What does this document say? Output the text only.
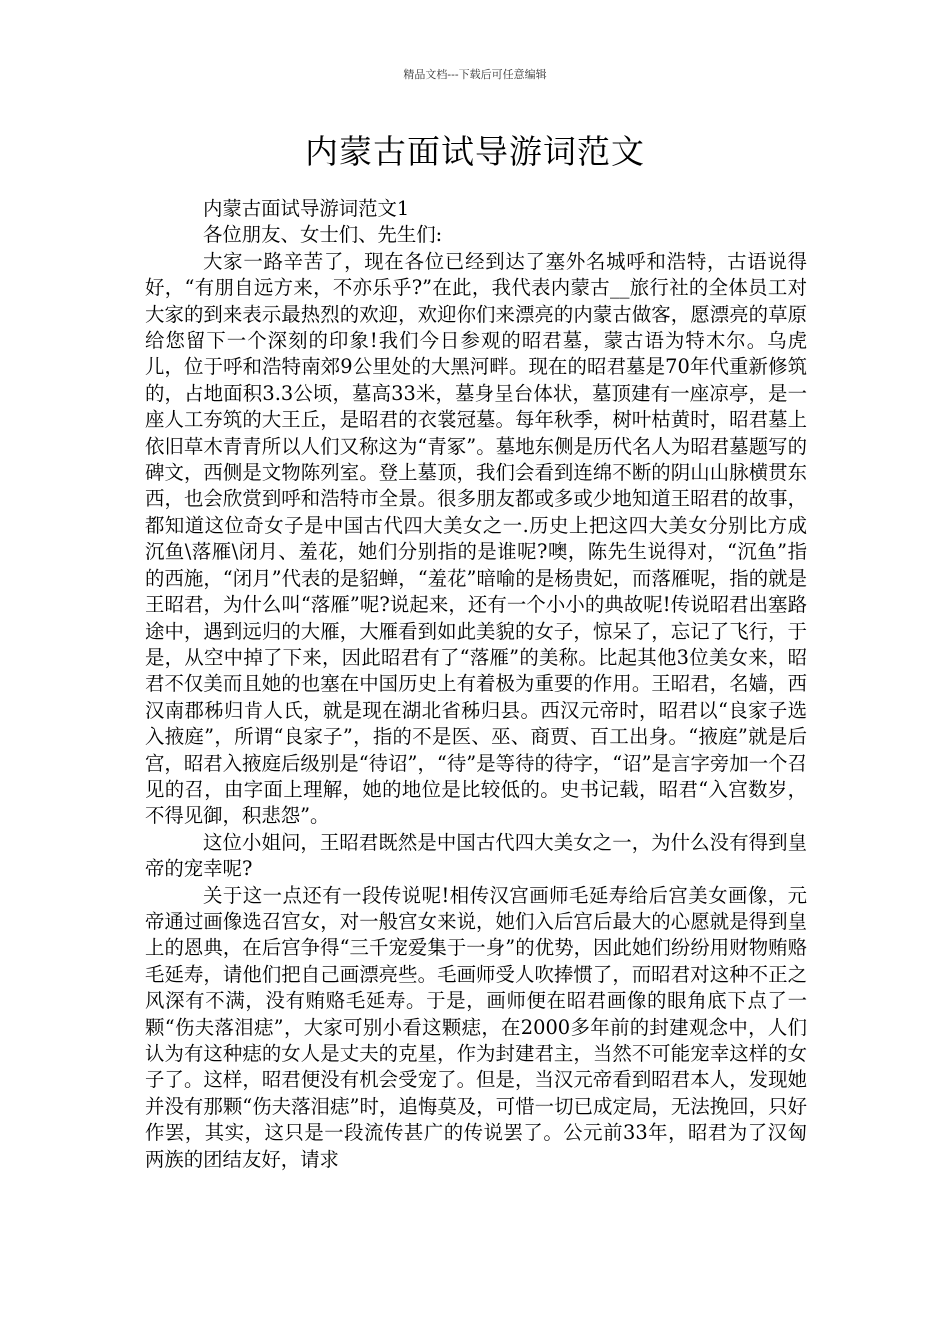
精品文档---下载后可任意编辑
内蒙古面试导游词范文

内蒙古面试导游词范文1

各位朋友、女士们、先生们:

大家一路辛苦了，现在各位已经到达了塞外名城呼和浩特，古语说得好，“有朋自远方来，不亦乐乎?”在此，我代表内蒙古__旅行社的全体员工对大家的到来表示最热烈的欢迎，欢迎你们来漂亮的内蒙古做客，愿漂亮的草原给您留下一个深刻的印象!我们今日参观的昭君墓，蒙古语为特木尔。乌虎儿，位于呼和浩特南郊9公里处的大黑河畔。现在的昭君墓是70年代重新修筑的，占地面积3.3公顷，墓高33米，墓身呈台体状，墓顶建有一座凉亭，是一座人工夯筑的大王丘，是昭君的衣裳冠墓。每年秋季，树叶枯黄时，昭君墓上依旧草木青青所以人们又称这为“青冢”。墓地东侧是历代名人为昭君墓题写的碑文，西侧是文物陈列室。登上墓顶，我们会看到连绵不断的阴山山脉横贯东西，也会欣赏到呼和浩特市全景。很多朋友都或多或少地知道王昭君的故事，都知道这位奇女子是中国古代四大美女之一.历史上把这四大美女分别比方成沉鱼\落雁\闭月、羞花，她们分别指的是谁呢?噢，陈先生说得对，“沉鱼”指的西施，“闭月”代表的是貂蝉，“羞花”暗喻的是杨贵妃，而落雁呢，指的就是王昭君，为什么叫“落雁”呢?说起来，还有一个小小的典故呢!传说昭君出塞路途中，遇到远归的大雁，大雁看到如此美貌的女子，惊呆了，忘记了飞行，于是，从空中掉了下来，因此昭君有了“落雁”的美称。比起其他3位美女来，昭君不仅美而且她的也塞在中国历史上有着极为重要的作用。王昭君，名嫱，西汉南郡秭归肯人氏，就是现在湖北省秭归县。西汉元帝时，昭君以“良家子选入掖庭”，所谓“良家子”，指的不是医、巫、商贾、百工出身。“掖庭”就是后宫，昭君入掖庭后级别是“待诏”，“待”是等待的待字，“诏”是言字旁加一个召见的召，由字面上理解，她的地位是比较低的。史书记载，昭君“入宫数岁，不得见御，积悲怨”。

这位小姐问，王昭君既然是中国古代四大美女之一，为什么没有得到皇帝的宠幸呢?

关于这一点还有一段传说呢!相传汉宫画师毛延寿给后宫美女画像，元帝通过画像选召宫女，对一般宫女来说，她们入后宫后最大的心愿就是得到皇上的恩典，在后宫争得“三千宠爱集于一身”的优势，因此她们纷纷用财物贿赂毛延寿，请他们把自己画漂亮些。毛画师受人吹捧惯了，而昭君对这种不正之风深有不满，没有贿赂毛延寿。于是，画师便在昭君画像的眼角底下点了一颗“伤夫落泪痣”，大家可别小看这颗痣，在2000多年前的封建观念中，人们认为有这种痣的女人是丈夫的克星，作为封建君主，当然不可能宠幸这样的女子了。这样，昭君便没有机会受宠了。但是，当汉元帝看到昭君本人，发现她并没有那颗“伤夫落泪痣”时，追悔莫及，可惜一切已成定局，无法挽回，只好作罢，其实，这只是一段流传甚广的传说罢了。公元前33年，昭君为了汉匈两族的团结友好，请求
